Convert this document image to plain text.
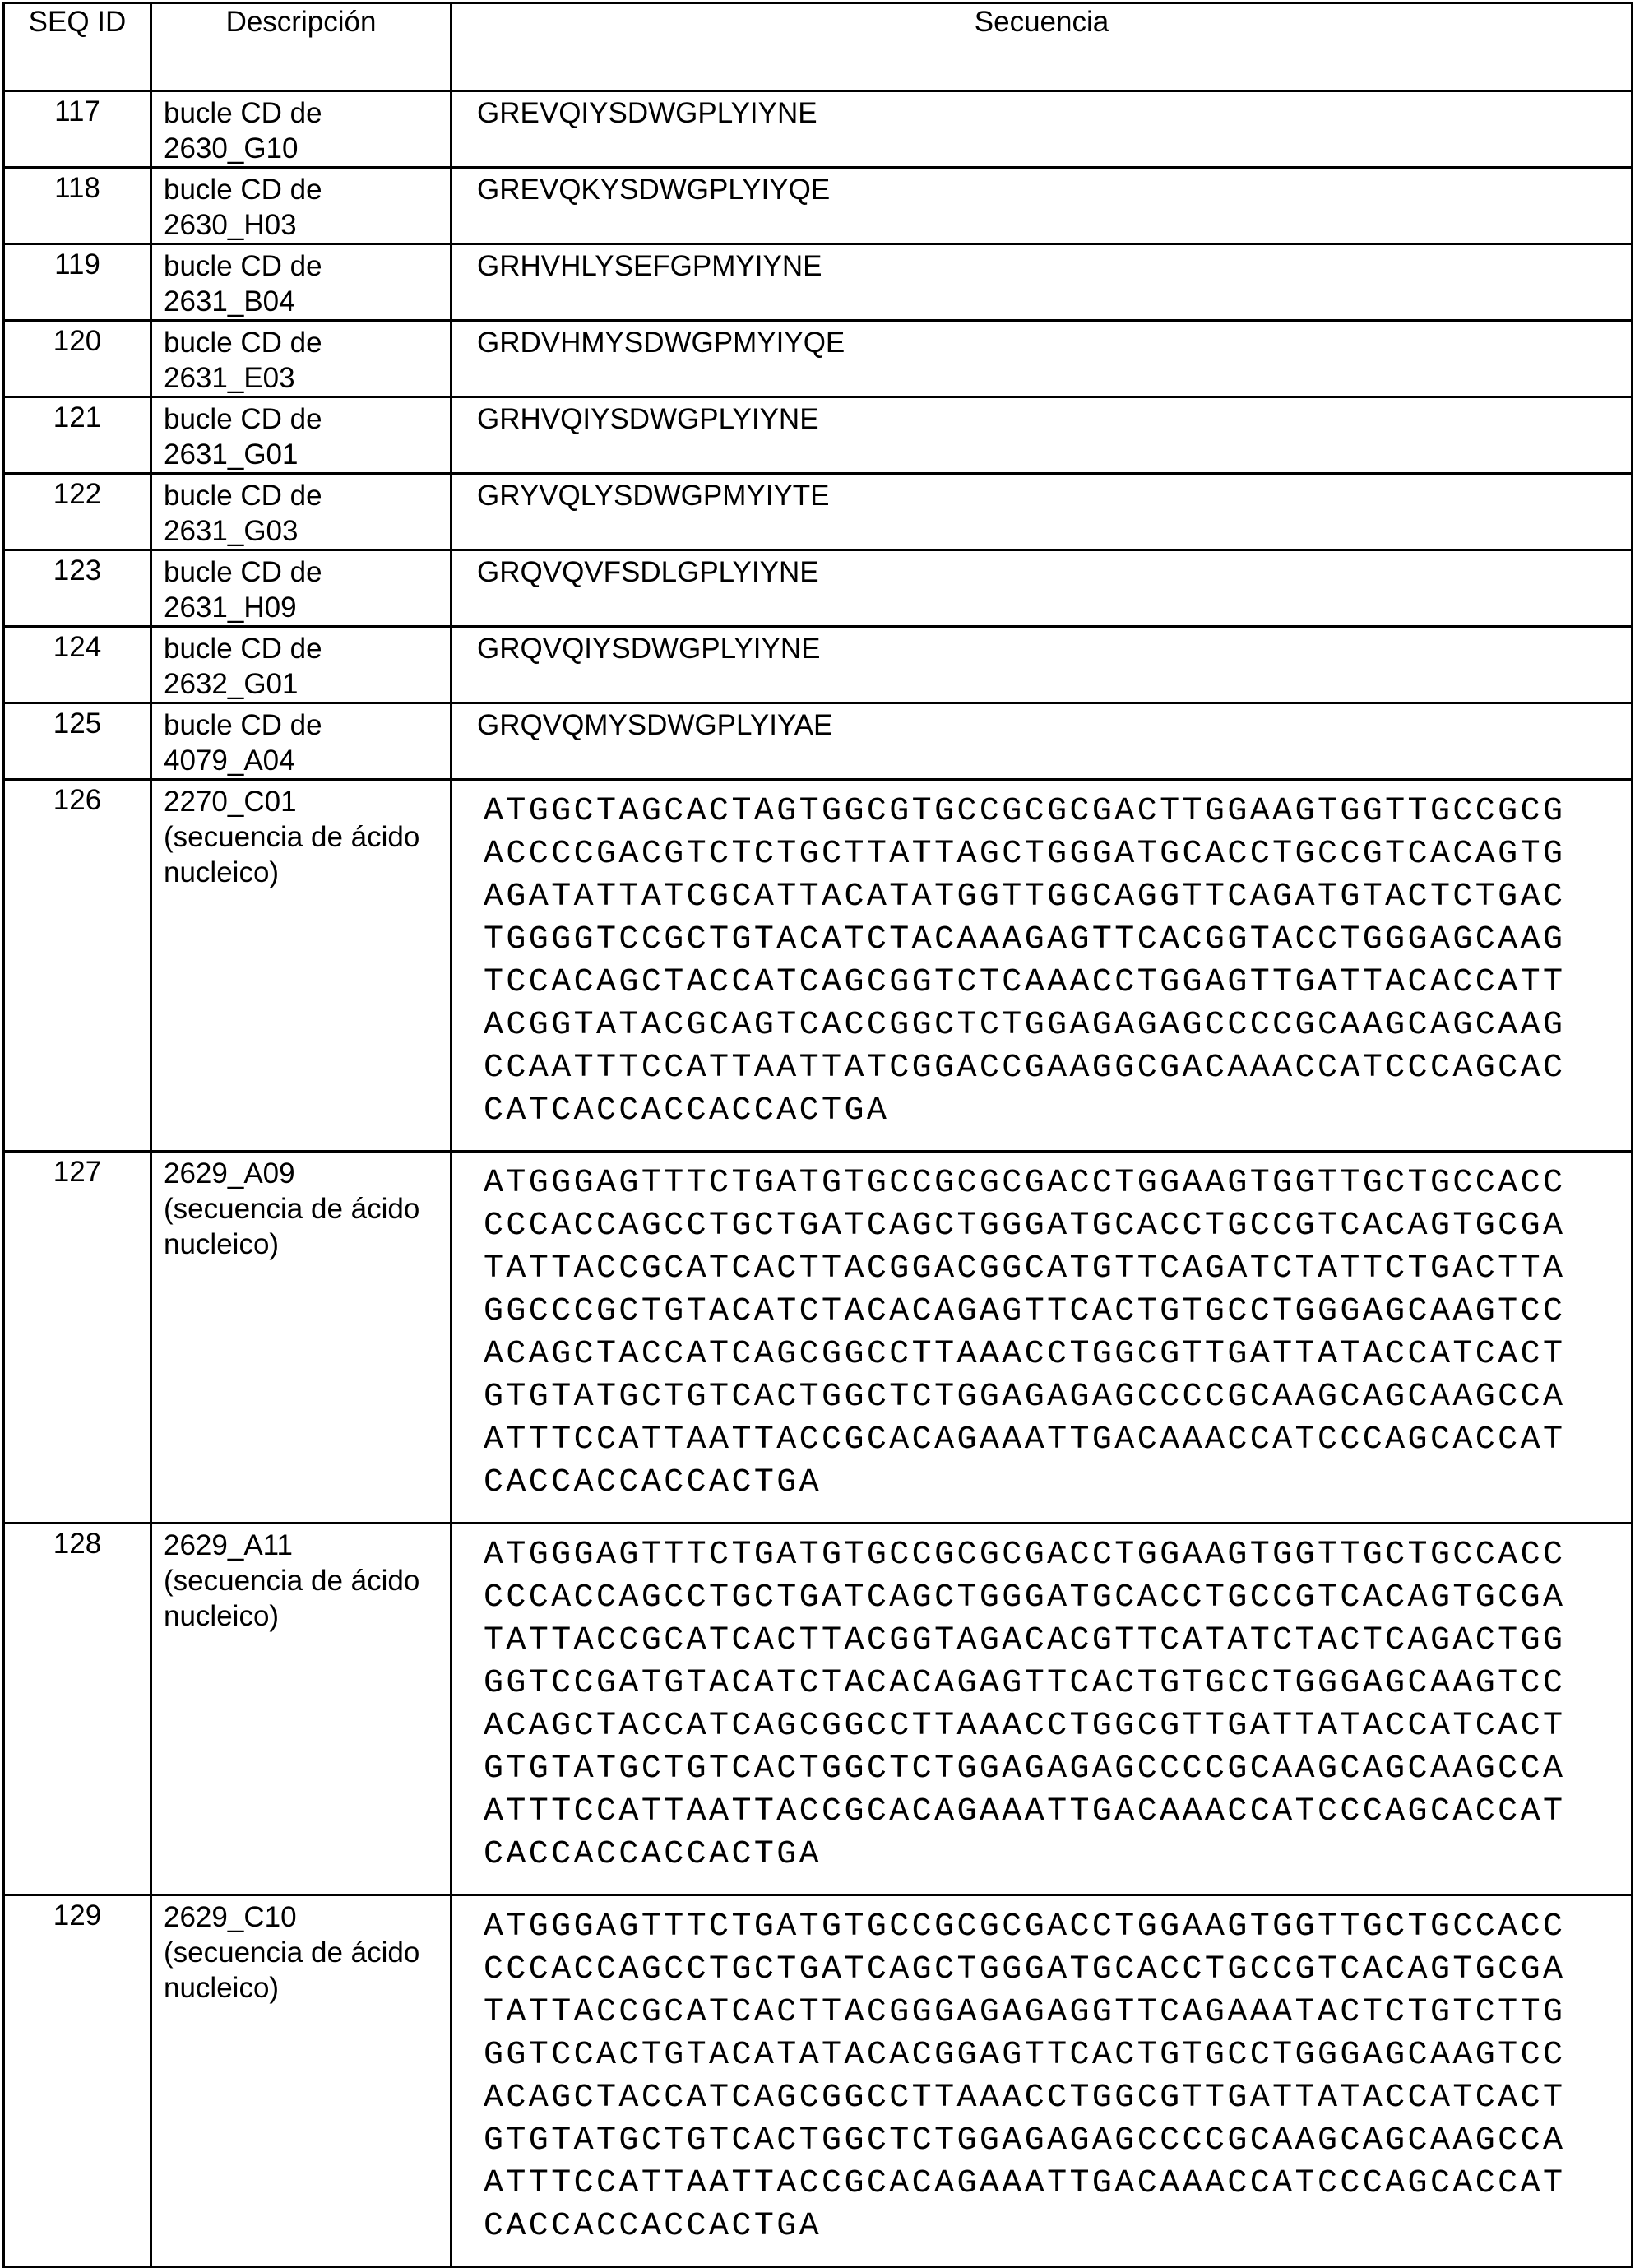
SEQ ID	Descripción	Secuencia
117	bucle CD de
2630_G10

GREVQIYSDWGPLYIYNE

118	bucle CD de
2630_H03

GREVQKYSDWGPLYIYQE

119	bucle CD de
2631_B04

GRHVHLYSEFGPMYIYNE

120	bucle CD de
2631_E03

GRDVHMYSDWGPMYIYQE

121	bucle CD de
2631_G01

GRHVQIYSDWGPLYIYNE

122	bucle CD de
2631_G03

GRYVQLYSDWGPMYIYTE

123	bucle CD de
2631_H09

GRQVQVFSDLGPLYIYNE

124	bucle CD de
2632_G01

GRQVQIYSDWGPLYIYNE

125	bucle CD de
4079_A04

GRQVQMYSDWGPLYIYAE

126	2270_C01
(secuencia de ácido
nucleico)

ATGGCTAGCACTAGTGGCGTGCCGCGCGACTTGGAAGTGGTTGCCGCG
ACCCCGACGTCTCTGCTTATTAGCTGGGATGCACCTGCCGTCACAGTG
AGATATTATCGCATTACATATGGTTGGCAGGTTCAGATGTACTCTGAC
TGGGGTCCGCTGTACATCTACAAAGAGTTCACGGTACCTGGGAGCAAG
TCCACAGCTACCATCAGCGGTCTCAAACCTGGAGTTGATTACACCATT
ACGGTATACGCAGTCACCGGCTCTGGAGAGAGCCCCGCAAGCAGCAAG
CCAATTTCCATTAATTATCGGACCGAAGGCGACAAACCATCCCAGCAC
CATCACCACCACCACTGA

127	2629_A09
(secuencia de ácido
nucleico)

ATGGGAGTTTCTGATGTGCCGCGCGACCTGGAAGTGGTTGCTGCCACC
CCCACCAGCCTGCTGATCAGCTGGGATGCACCTGCCGTCACAGTGCGA
TATTACCGCATCACTTACGGACGGCATGTTCAGATCTATTCTGACTTA
GGCCCGCTGTACATCTACACAGAGTTCACTGTGCCTGGGAGCAAGTCC
ACAGCTACCATCAGCGGCCTTAAACCTGGCGTTGATTATACCATCACT
GTGTATGCTGTCACTGGCTCTGGAGAGAGCCCCGCAAGCAGCAAGCCA
ATTTCCATTAATTACCGCACAGAAATTGACAAACCATCCCAGCACCAT
CACCACCACCACTGA

128	2629_A11
(secuencia de ácido
nucleico)

ATGGGAGTTTCTGATGTGCCGCGCGACCTGGAAGTGGTTGCTGCCACC
CCCACCAGCCTGCTGATCAGCTGGGATGCACCTGCCGTCACAGTGCGA
TATTACCGCATCACTTACGGTAGACACGTTCATATCTACTCAGACTGG
GGTCCGATGTACATCTACACAGAGTTCACTGTGCCTGGGAGCAAGTCC
ACAGCTACCATCAGCGGCCTTAAACCTGGCGTTGATTATACCATCACT
GTGTATGCTGTCACTGGCTCTGGAGAGAGCCCCGCAAGCAGCAAGCCA
ATTTCCATTAATTACCGCACAGAAATTGACAAACCATCCCAGCACCAT
CACCACCACCACTGA

129	2629_C10
(secuencia de ácido
nucleico)

ATGGGAGTTTCTGATGTGCCGCGCGACCTGGAAGTGGTTGCTGCCACC
CCCACCAGCCTGCTGATCAGCTGGGATGCACCTGCCGTCACAGTGCGA
TATTACCGCATCACTTACGGGAGAGAGGTTCAGAAATACTCTGTCTTG
GGTCCACTGTACATATACACGGAGTTCACTGTGCCTGGGAGCAAGTCC
ACAGCTACCATCAGCGGCCTTAAACCTGGCGTTGATTATACCATCACT
GTGTATGCTGTCACTGGCTCTGGAGAGAGCCCCGCAAGCAGCAAGCCA
ATTTCCATTAATTACCGCACAGAAATTGACAAACCATCCCAGCACCAT
CACCACCACCACTGA
